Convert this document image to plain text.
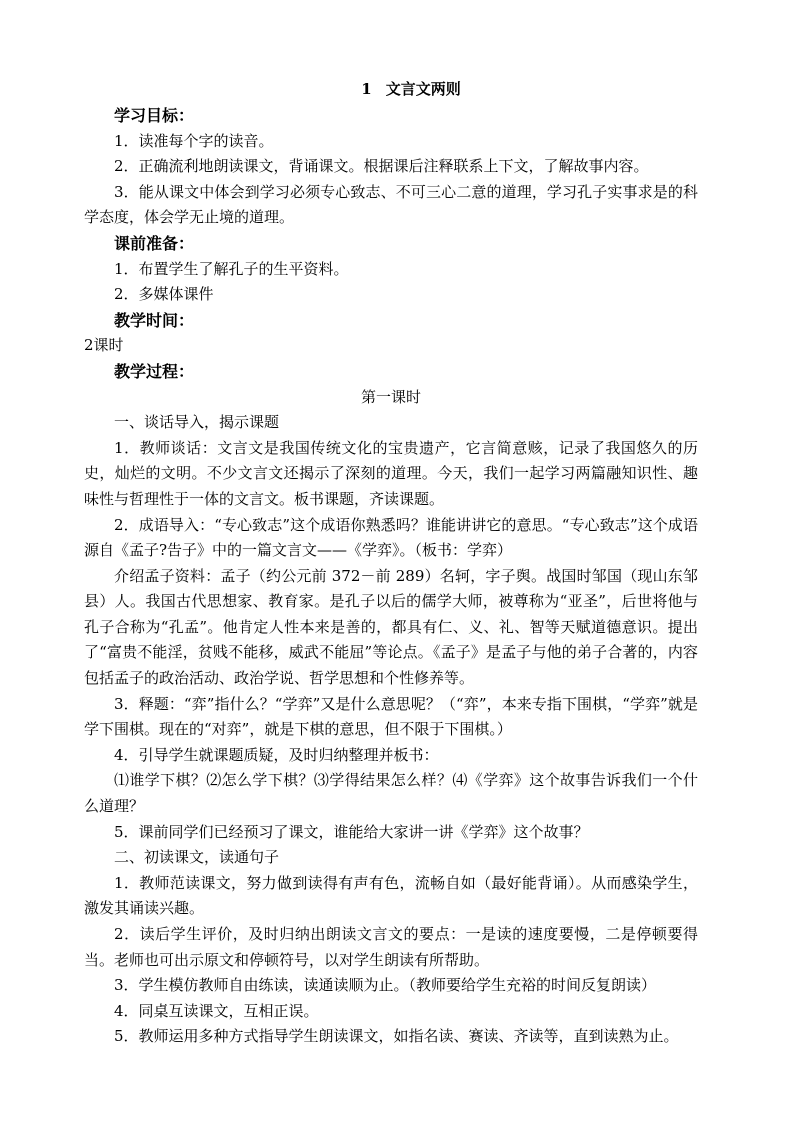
1 文言文两则

学习目标：

1．读准每个字的读音。

2．正确流利地朗读课文，背诵课文。根据课后注释联系上下文，了解故事内容。

3．能从课文中体会到学习必须专心致志、不可三心二意的道理，学习孔子实事求是的科学态度，体会学无止境的道理。

课前准备：

1．布置学生了解孔子的生平资料。

2．多媒体课件

教学时间：

2课时

教学过程：

第一课时

一、谈话导入，揭示课题

1．教师谈话：文言文是我国传统文化的宝贵遗产，它言简意赅，记录了我国悠久的历史，灿烂的文明。不少文言文还揭示了深刻的道理。今天，我们一起学习两篇融知识性、趣味性与哲理性于一体的文言文。板书课题，齐读课题。

2．成语导入：“专心致志”这个成语你熟悉吗？谁能讲讲它的意思。“专心致志”这个成语源自《孟子?告子》中的一篇文言文——《学弈》。（板书：学弈）

介绍孟子资料：孟子（约公元前 372－前 289）名轲，字子舆。战国时邹国（现山东邹县）人。我国古代思想家、教育家。是孔子以后的儒学大师，被尊称为“亚圣”，后世将他与孔子合称为“孔孟”。他肯定人性本来是善的，都具有仁、义、礼、智等天赋道德意识。提出了“富贵不能淫，贫贱不能移，威武不能屈”等论点。《孟子》是孟子与他的弟子合著的，内容包括孟子的政治活动、政治学说、哲学思想和个性修养等。

3．释题：“弈”指什么？“学弈”又是什么意思呢？（“弈”，本来专指下围棋，“学弈”就是学下围棋。现在的“对弈”，就是下棋的意思，但不限于下围棋。）

4．引导学生就课题质疑，及时归纳整理并板书：

⑴谁学下棋？⑵怎么学下棋？⑶学得结果怎么样？⑷《学弈》这个故事告诉我们一个什么道理？

5．课前同学们已经预习了课文，谁能给大家讲一讲《学弈》这个故事？

二、初读课文，读通句子

1．教师范读课文，努力做到读得有声有色，流畅自如（最好能背诵）。从而感染学生，激发其诵读兴趣。

2．读后学生评价，及时归纳出朗读文言文的要点：一是读的速度要慢，二是停顿要得当。老师也可出示原文和停顿符号，以对学生朗读有所帮助。

3．学生模仿教师自由练读，读通读顺为止。（教师要给学生充裕的时间反复朗读）

4．同桌互读课文，互相正误。

5．教师运用多种方式指导学生朗读课文，如指名读、赛读、齐读等，直到读熟为止。
